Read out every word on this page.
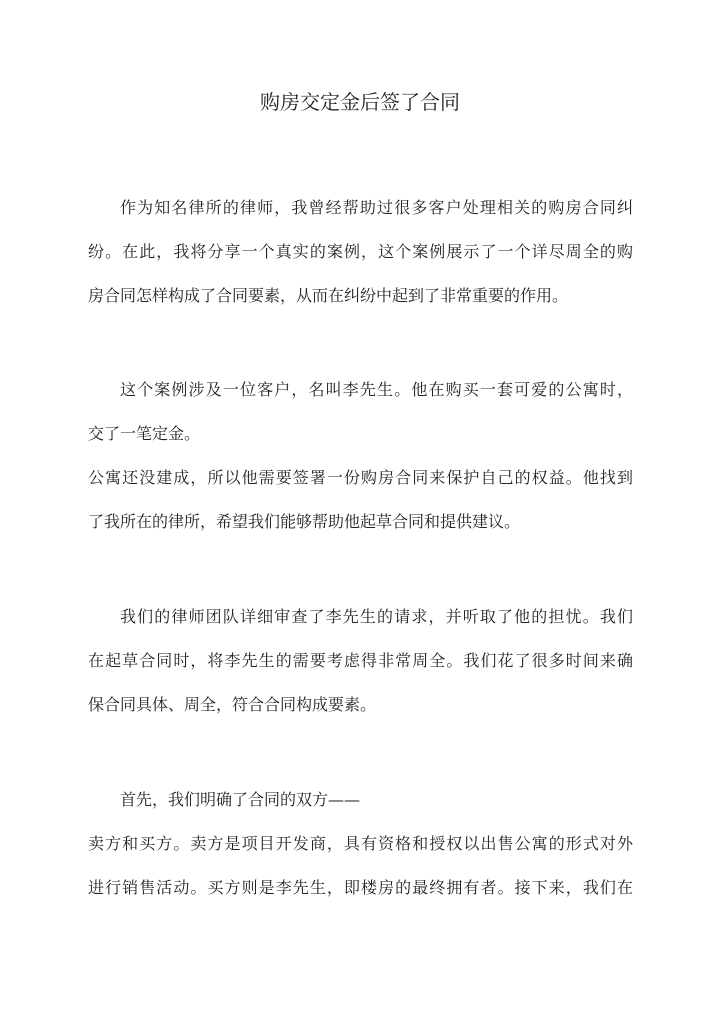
购房交定金后签了合同
作为知名律所的律师，我曾经帮助过很多客户处理相关的购房合同纠
纷。在此，我将分享一个真实的案例，这个案例展示了一个详尽周全的购
房合同怎样构成了合同要素，从而在纠纷中起到了非常重要的作用。
这个案例涉及一位客户，名叫李先生。他在购买一套可爱的公寓时，
交了一笔定金。
公寓还没建成，所以他需要签署一份购房合同来保护自己的权益。他找到
了我所在的律所，希望我们能够帮助他起草合同和提供建议。
我们的律师团队详细审查了李先生的请求，并听取了他的担忧。我们
在起草合同时，将李先生的需要考虑得非常周全。我们花了很多时间来确
保合同具体、周全，符合合同构成要素。
首先，我们明确了合同的双方——
卖方和买方。卖方是项目开发商，具有资格和授权以出售公寓的形式对外
进行销售活动。买方则是李先生，即楼房的最终拥有者。接下来，我们在
